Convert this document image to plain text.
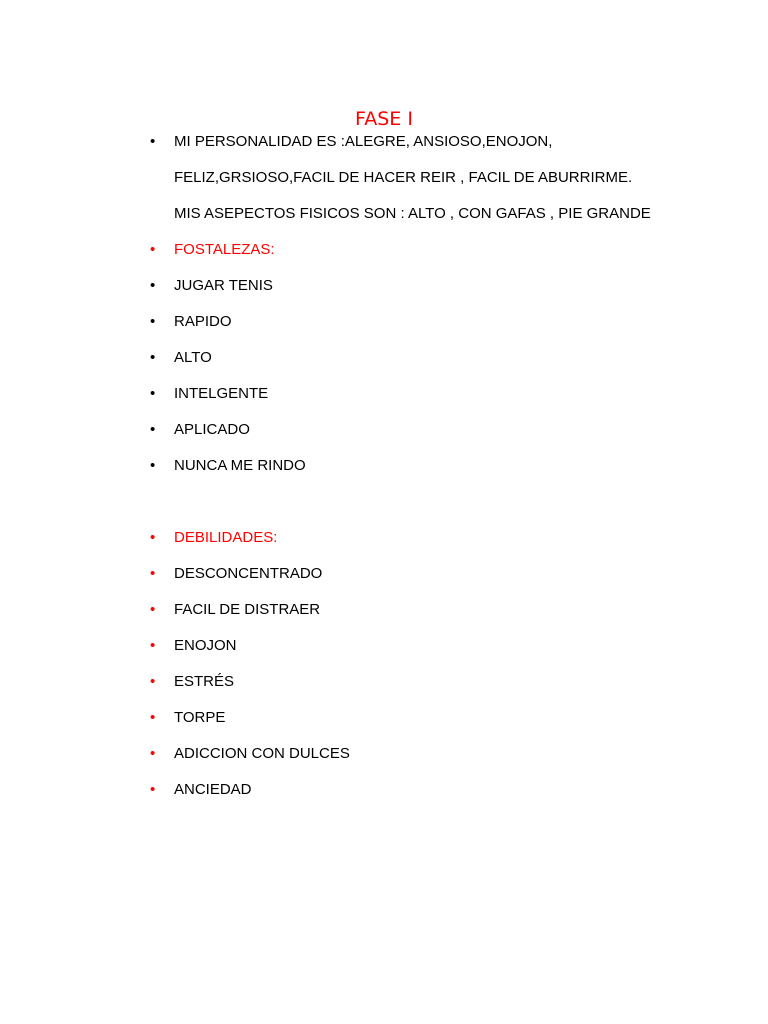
FASE I
•	MI PERSONALIDAD ES :ALEGRE, ANSIOSO,ENOJON,
FELIZ,GRSIOSO,FACIL DE HACER REIR , FACIL DE ABURRIRME.
MIS ASEPECTOS FISICOS SON : ALTO , CON GAFAS , PIE GRANDE
•	FOSTALEZAS:
•	JUGAR TENIS
•	RAPIDO
•	ALTO
•	INTELGENTE
•	APLICADO
•	NUNCA ME RINDO
•	DEBILIDADES:
•	DESCONCENTRADO
•	FACIL DE DISTRAER
•	ENOJON
•	ESTRÉS
•	TORPE
•	ADICCION CON DULCES
•	ANCIEDAD
